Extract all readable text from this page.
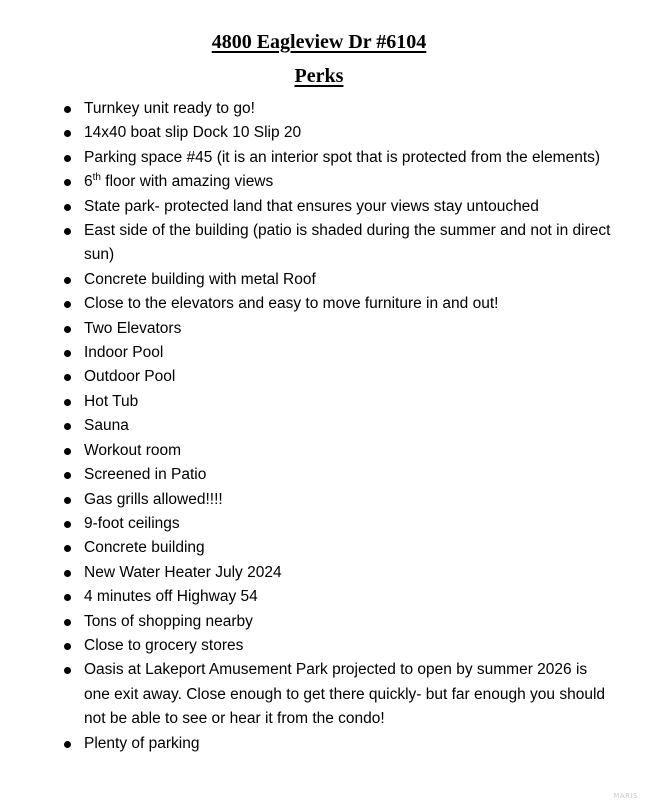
4800 Eagleview Dr #6104
Perks
Turnkey unit ready to go!
14x40 boat slip Dock 10 Slip 20
Parking space #45 (it is an interior spot that is protected from the elements)
6th floor with amazing views
State park- protected land that ensures your views stay untouched
East side of the building (patio is shaded during the summer and not in direct sun)
Concrete building with metal Roof
Close to the elevators and easy to move furniture in and out!
Two Elevators
Indoor Pool
Outdoor Pool
Hot Tub
Sauna
Workout room
Screened in Patio
Gas grills allowed!!!!
9-foot ceilings
Concrete building
New Water Heater July 2024
4 minutes off Highway 54
Tons of shopping nearby
Close to grocery stores
Oasis at Lakeport Amusement Park projected to open by summer 2026 is one exit away. Close enough to get there quickly- but far enough you should not be able to see or hear it from the condo!
Plenty of parking
MARIS
